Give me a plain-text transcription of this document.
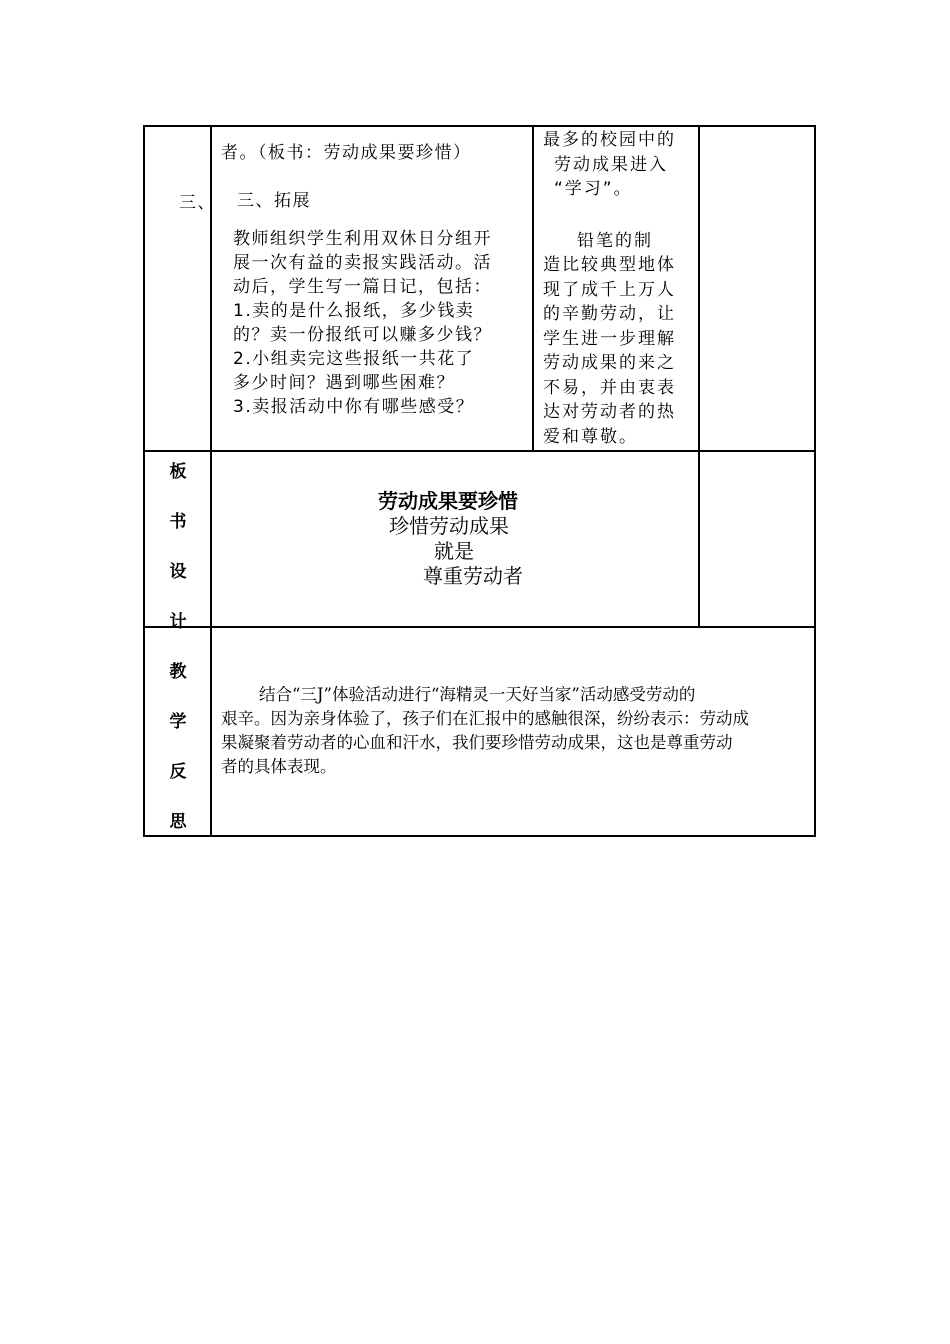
三、
者。（板书：劳动成果要珍惜）
三、拓展
教师组织学生利用双休日分组开
展一次有益的卖报实践活动。活
动后，学生写一篇日记，包括：
1.卖的是什么报纸，多少钱卖
的？卖一份报纸可以赚多少钱？
2.小组卖完这些报纸一共花了
多少时间？遇到哪些困难？
3.卖报活动中你有哪些感受？
最多的校园中的
劳动成果进入
“学习”。
铅笔的制
造比较典型地体
现了成千上万人
的辛勤劳动，让
学生进一步理解
劳动成果的来之
不易，并由衷表
达对劳动者的热
爱和尊敬。
板
书
设
计
劳动成果要珍惜
珍惜劳动成果
就是
尊重劳动者
教
学
反
思
结合“三J”体验活动进行“海精灵一天好当家”活动感受劳动的
艰辛。因为亲身体验了，孩子们在汇报中的感触很深，纷纷表示：劳动成
果凝聚着劳动者的心血和汗水，我们要珍惜劳动成果，这也是尊重劳动
者的具体表现。
